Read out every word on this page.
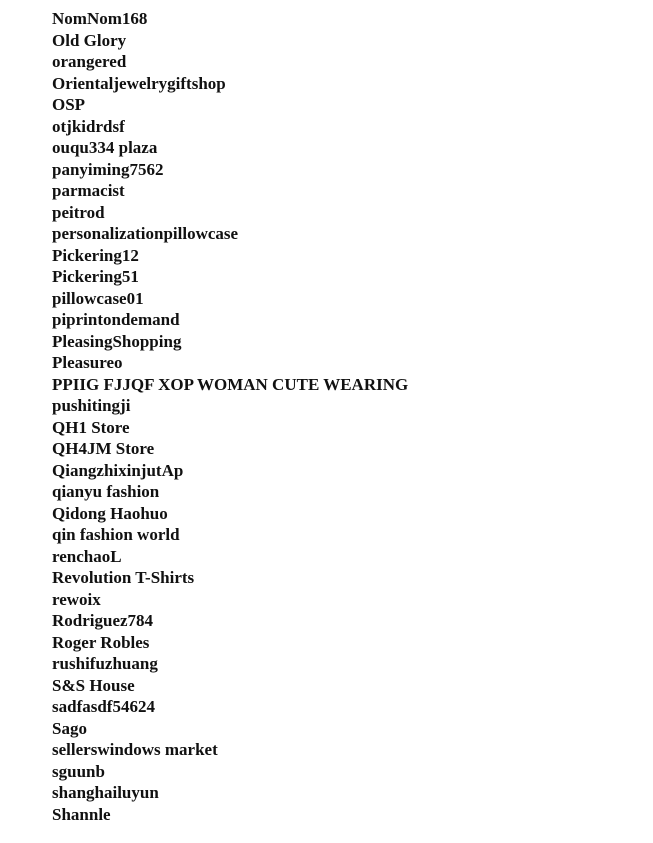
NomNom168
Old Glory
orangered
Orientaljewelrygiftshop
OSP
otjkidrdsf
ouqu334 plaza
panyiming7562
parmacist
peitrod
personalizationpillowcase
Pickering12
Pickering51
pillowcase01
piprintondemand
PleasingShopping
Pleasureo
PPIIG FJJQF XOP WOMAN CUTE WEARING
pushitingji
QH1 Store
QH4JM Store
QiangzhixinjutAp
qianyu fashion
Qidong Haohuo
qin fashion world
renchaoL
Revolution T-Shirts
rewoix
Rodriguez784
Roger Robles
rushifuzhuang
S&S House
sadfasdf54624
Sago
sellerswindows market
sguunb
shanghailuyun
Shannle
